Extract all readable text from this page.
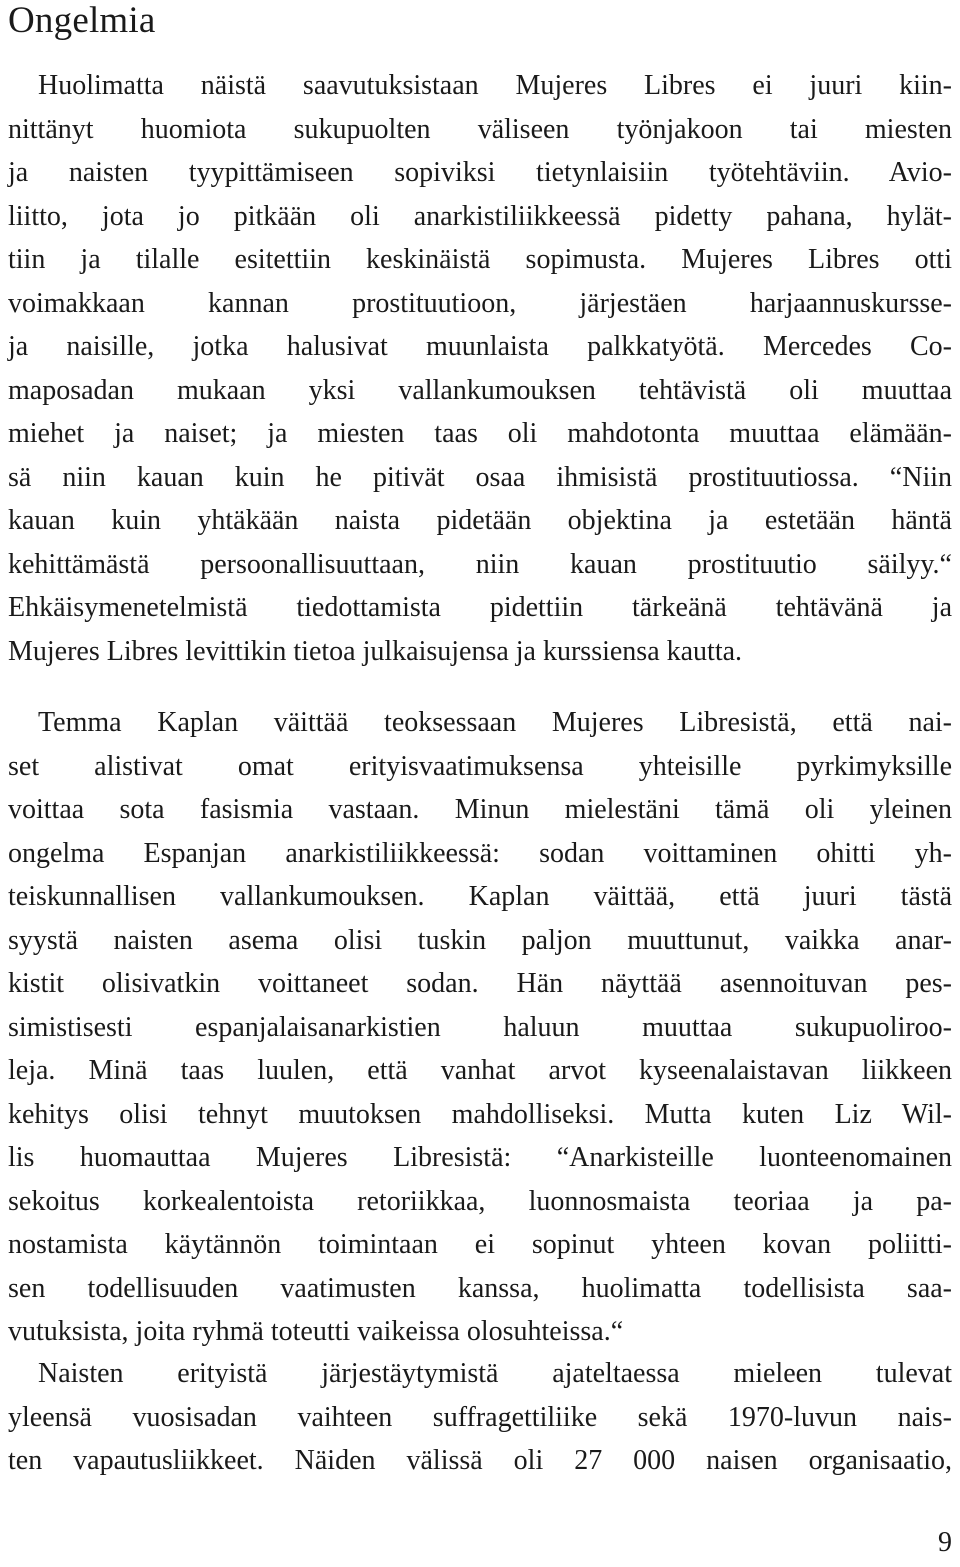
Ongelmia
Huolimatta näistä saavutuksistaan Mujeres Libres ei juuri kiin-
nittänyt huomiota sukupuolten väliseen työnjakoon tai miesten
ja naisten tyypittämiseen sopiviksi tietynlaisiin työtehtäviin. Avio-
liitto, jota jo pitkään oli anarkistiliikkeessä pidetty pahana, hylät-
tiin ja tilalle esitettiin keskinäistä sopimusta. Mujeres Libres otti
voimakkaan kannan prostituutioon, järjestäen harjaannuskursse-
ja naisille, jotka halusivat muunlaista palkkatyötä. Mercedes Co-
maposadan mukaan yksi vallankumouksen tehtävistä oli muuttaa
miehet ja naiset; ja miesten taas oli mahdotonta muuttaa elämään-
sä niin kauan kuin he pitivät osaa ihmisistä prostituutiossa. “Niin
kauan kuin yhtäkään naista pidetään objektina ja estetään häntä
kehittämästä persoonallisuuttaan, niin kauan prostituutio säilyy.“
Ehkäisymenetelmistä tiedottamista pidettiin tärkeänä tehtävänä ja
Mujeres Libres levittikin tietoa julkaisujensa ja kurssiensa kautta.
Temma Kaplan väittää teoksessaan Mujeres Libresistä, että nai-
set alistivat omat erityisvaatimuksensa yhteisille pyrkimyksille
voittaa sota fasismia vastaan. Minun mielestäni tämä oli yleinen
ongelma Espanjan anarkistiliikkeessä: sodan voittaminen ohitti yh-
teiskunnallisen vallankumouksen. Kaplan väittää, että juuri tästä
syystä naisten asema olisi tuskin paljon muuttunut, vaikka anar-
kistit olisivatkin voittaneet sodan. Hän näyttää asennoituvan pes-
simistisesti espanjalaisanarkistien haluun muuttaa sukupuoliroo-
leja. Minä taas luulen, että vanhat arvot kyseenalaistavan liikkeen
kehitys olisi tehnyt muutoksen mahdolliseksi. Mutta kuten Liz Wil-
lis huomauttaa Mujeres Libresistä: “Anarkisteille luonteenomainen
sekoitus korkealentoista retoriikkaa, luonnosmaista teoriaa ja pa-
nostamista käytännön toimintaan ei sopinut yhteen kovan poliitti-
sen todellisuuden vaatimusten kanssa, huolimatta todellisista saa-
vutuksista, joita ryhmä toteutti vaikeissa olosuhteissa.“
Naisten erityistä järjestäytymistä ajateltaessa mieleen tulevat
yleensä vuosisadan vaihteen suffragettiliike sekä 1970-luvun nais-
ten vapautusliikkeet. Näiden välissä oli 27 000 naisen organisaatio,
9
